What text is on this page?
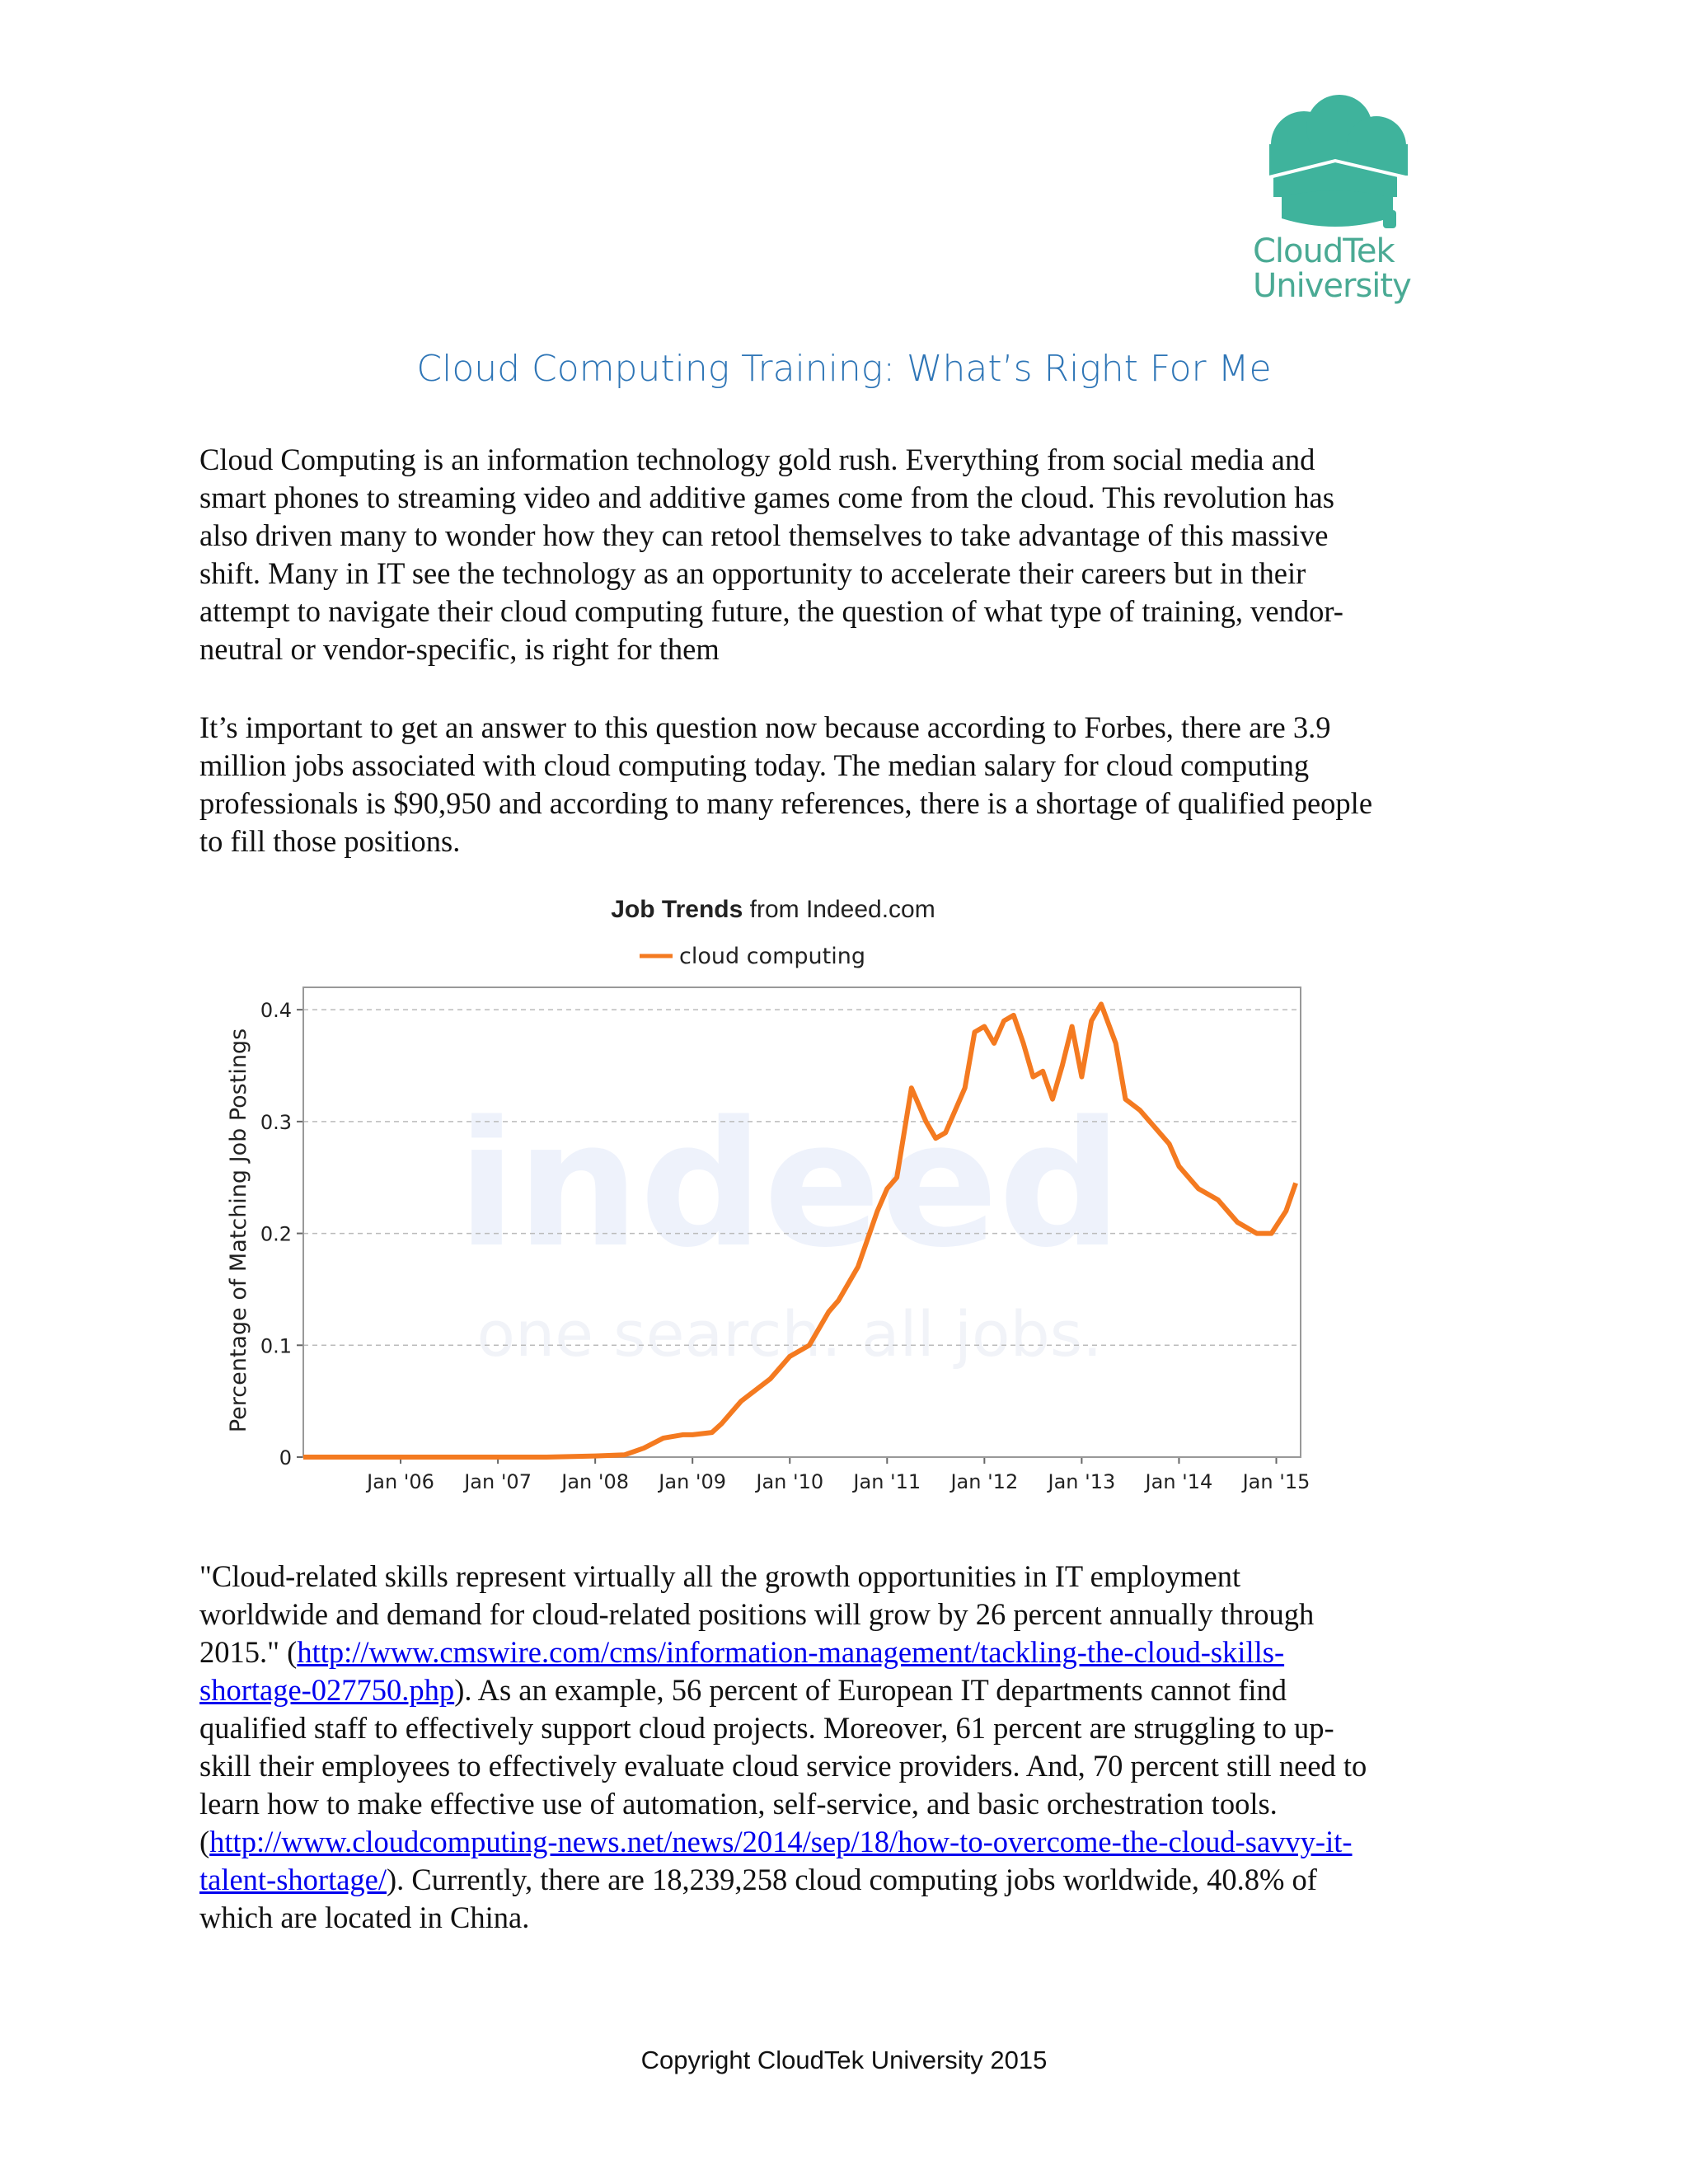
CloudTek
University
Cloud Computing Training: What’s Right For Me

Cloud Computing is an information technology gold rush. Everything from social media and
smart phones to streaming video and additive games come from the cloud. This revolution has
also driven many to wonder how they can retool themselves to take advantage of this massive
shift. Many in IT see the technology as an opportunity to accelerate their careers but in their
attempt to navigate their cloud computing future, the question of what type of training, vendor-
neutral or vendor-specific, is right for them

It’s important to get an answer to this question now because according to Forbes, there are 3.9
million jobs associated with cloud computing today. The median salary for cloud computing
professionals is $90,950 and according to many references, there is a shortage of qualified people
to fill those positions.

Job Trends from Indeed.com
cloud computing
Percentage of Matching Job Postings indeed
one search. all jobs.
0
0.1
0.2
0.3
0.4
Jan '06 Jan '07 Jan '08 Jan '09 Jan '10 Jan '11 Jan '12 Jan '13 Jan '14 Jan '15

"Cloud-related skills represent virtually all the growth opportunities in IT employment
worldwide and demand for cloud-related positions will grow by 26 percent annually through
2015." (http://www.cmswire.com/cms/information-management/tackling-the-cloud-skills-
shortage-027750.php). As an example, 56 percent of European IT departments cannot find
qualified staff to effectively support cloud projects. Moreover, 61 percent are struggling to up-
skill their employees to effectively evaluate cloud service providers. And, 70 percent still need to
learn how to make effective use of automation, self-service, and basic orchestration tools.
(http://www.cloudcomputing-news.net/news/2014/sep/18/how-to-overcome-the-cloud-savvy-it-
talent-shortage/). Currently, there are 18,239,258 cloud computing jobs worldwide, 40.8% of
which are located in China.

Copyright CloudTek University 2015
